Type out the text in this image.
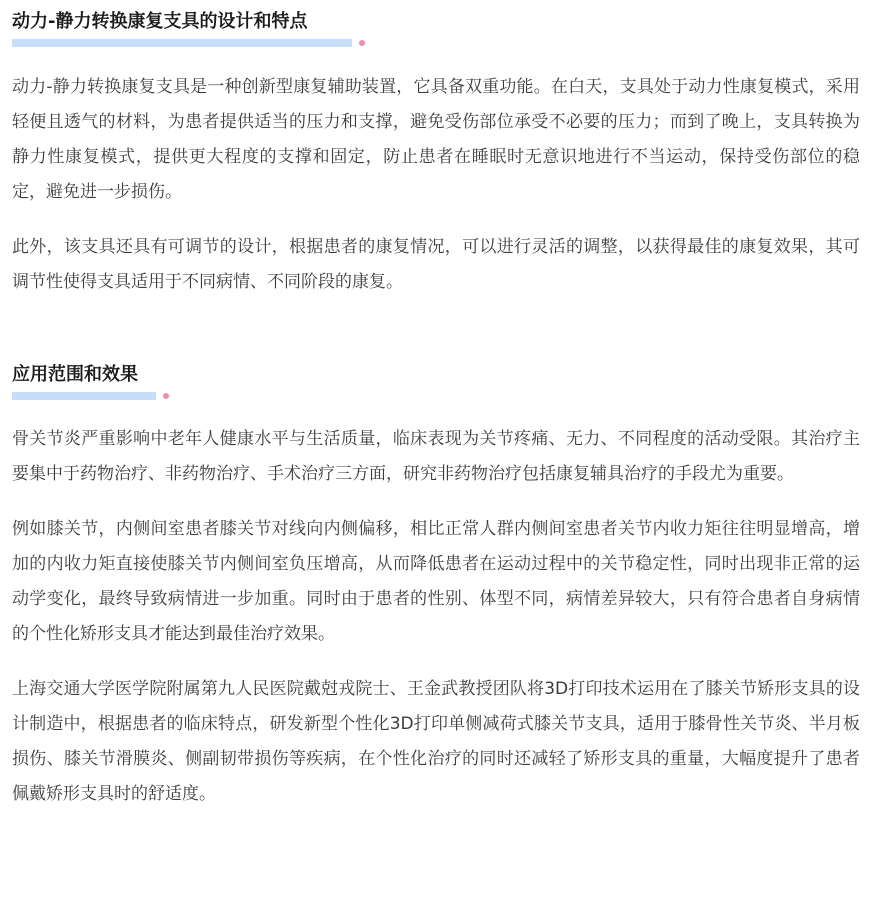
动力-静力转换康复支具的设计和特点

动力-静力转换康复支具是一种创新型康复辅助装置，它具备双重功能。在白天，支具处于动力性康复模式，采用轻便且透气的材料，为患者提供适当的压力和支撑，避免受伤部位承受不必要的压力；而到了晚上，支具转换为静力性康复模式，提供更大程度的支撑和固定，防止患者在睡眠时无意识地进行不当运动，保持受伤部位的稳定，避免进一步损伤。

此外，该支具还具有可调节的设计，根据患者的康复情况，可以进行灵活的调整，以获得最佳的康复效果，其可调节性使得支具适用于不同病情、不同阶段的康复。

应用范围和效果

骨关节炎严重影响中老年人健康水平与生活质量，临床表现为关节疼痛、无力、不同程度的活动受限。其治疗主要集中于药物治疗、非药物治疗、手术治疗三方面，研究非药物治疗包括康复辅具治疗的手段尤为重要。

例如膝关节，内侧间室患者膝关节对线向内侧偏移，相比正常人群内侧间室患者关节内收力矩往往明显增高，增加的内收力矩直接使膝关节内侧间室负压增高，从而降低患者在运动过程中的关节稳定性，同时出现非正常的运动学变化，最终导致病情进一步加重。同时由于患者的性别、体型不同，病情差异较大，只有符合患者自身病情的个性化矫形支具才能达到最佳治疗效果。

上海交通大学医学院附属第九人民医院戴尅戎院士、王金武教授团队将3D打印技术运用在了膝关节矫形支具的设计制造中，根据患者的临床特点，研发新型个性化3D打印单侧减荷式膝关节支具，适用于膝骨性关节炎、半月板损伤、膝关节滑膜炎、侧副韧带损伤等疾病，在个性化治疗的同时还减轻了矫形支具的重量，大幅度提升了患者佩戴矫形支具时的舒适度。
